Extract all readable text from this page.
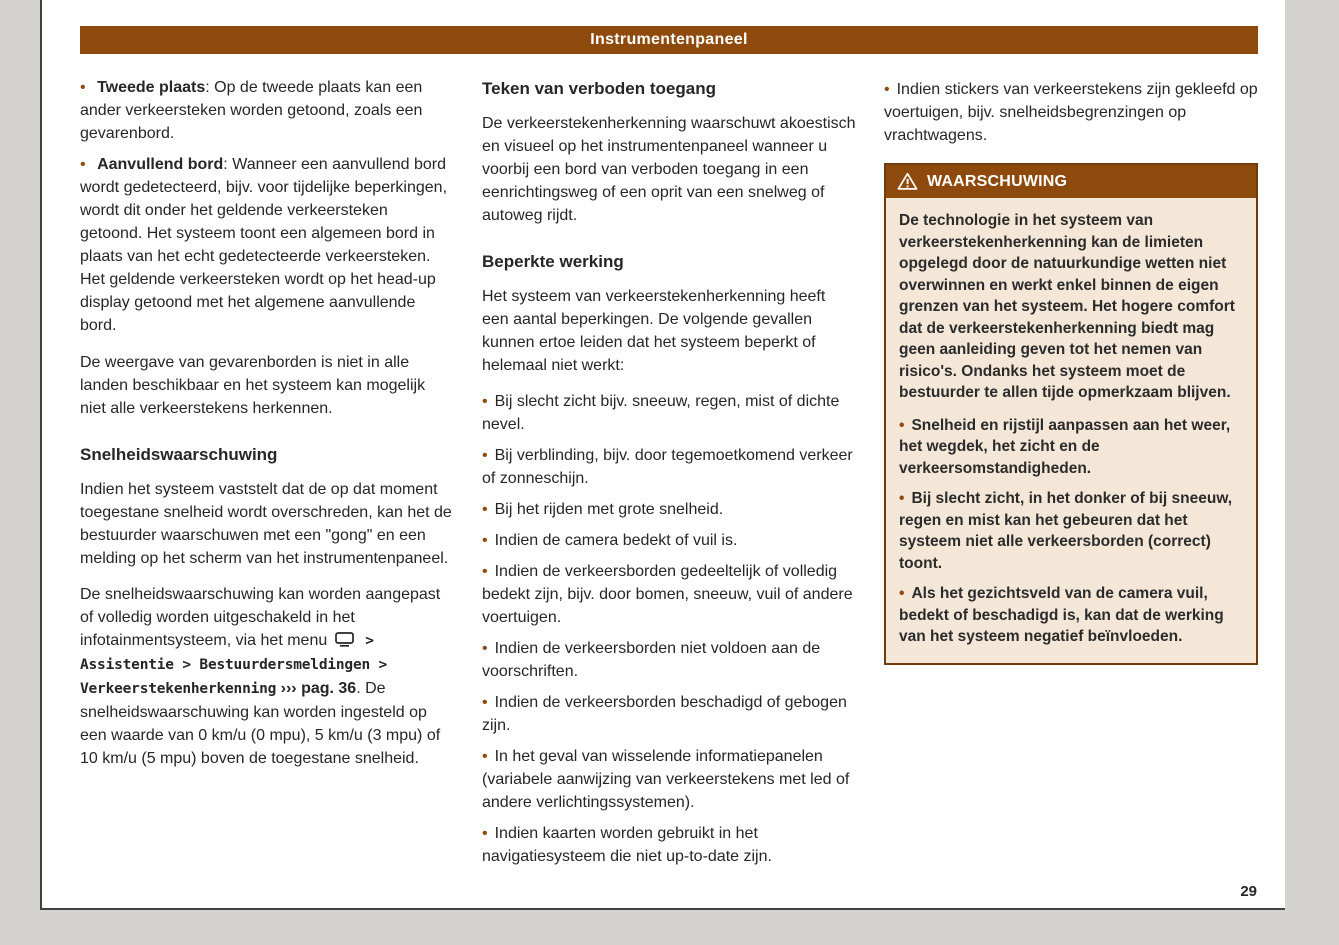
Instrumentenpaneel

• Tweede plaats: Op de tweede plaats kan een ander verkeersteken worden getoond, zoals een gevarenbord.

• Aanvullend bord: Wanneer een aanvullend bord wordt gedetecteerd, bijv. voor tijdelijke beperkingen, wordt dit onder het geldende verkeersteken getoond. Het systeem toont een algemeen bord in plaats van het echt gedetecteerde verkeersteken. Het geldende verkeersteken wordt op het head-up display getoond met het algemene aanvullende bord.

De weergave van gevarenborden is niet in alle landen beschikbaar en het systeem kan mogelijk niet alle verkeerstekens herkennen.

Snelheidswaarschuwing

Indien het systeem vaststelt dat de op dat moment toegestane snelheid wordt overschreden, kan het de bestuurder waarschuwen met een "gong" en een melding op het scherm van het instrumentenpaneel.

De snelheidswaarschuwing kan worden aangepast of volledig worden uitgeschakeld in het infotainmentsysteem, via het menu  > Assistentie > Bestuurdersmeldingen > Verkeerstekenherkenning ››› pag. 36. De snelheidswaarschuwing kan worden ingesteld op een waarde van 0 km/u (0 mpu), 5 km/u (3 mpu) of 10 km/u (5 mpu) boven de toegestane snelheid.

Teken van verboden toegang

De verkeerstekenherkenning waarschuwt akoestisch en visueel op het instrumentenpaneel wanneer u voorbij een bord van verboden toegang in een eenrichtingsweg of een oprit van een snelweg of autoweg rijdt.

Beperkte werking

Het systeem van verkeerstekenherkenning heeft een aantal beperkingen. De volgende gevallen kunnen ertoe leiden dat het systeem beperkt of helemaal niet werkt:

• Bij slecht zicht bijv. sneeuw, regen, mist of dichte nevel.

• Bij verblinding, bijv. door tegemoetkomend verkeer of zonneschijn.

• Bij het rijden met grote snelheid.

• Indien de camera bedekt of vuil is.

• Indien de verkeersborden gedeeltelijk of volledig bedekt zijn, bijv. door bomen, sneeuw, vuil of andere voertuigen.

• Indien de verkeersborden niet voldoen aan de voorschriften.

• Indien de verkeersborden beschadigd of gebogen zijn.

• In het geval van wisselende informatiepanelen (variabele aanwijzing van verkeerstekens met led of andere verlichtingssystemen).

• Indien kaarten worden gebruikt in het navigatiesysteem die niet up-to-date zijn.

• Indien stickers van verkeerstekens zijn gekleefd op voertuigen, bijv. snelheidsbegrenzingen op vrachtwagens.

WAARSCHUWING

De technologie in het systeem van verkeerstekenherkenning kan de limieten opgelegd door de natuurkundige wetten niet overwinnen en werkt enkel binnen de eigen grenzen van het systeem. Het hogere comfort dat de verkeerstekenherkenning biedt mag geen aanleiding geven tot het nemen van risico's. Ondanks het systeem moet de bestuurder te allen tijde opmerkzaam blijven.

• Snelheid en rijstijl aanpassen aan het weer, het wegdek, het zicht en de verkeersomstandigheden.

• Bij slecht zicht, in het donker of bij sneeuw, regen en mist kan het gebeuren dat het systeem niet alle verkeersborden (correct) toont.

• Als het gezichtsveld van de camera vuil, bedekt of beschadigd is, kan dat de werking van het systeem negatief beïnvloeden.

29
